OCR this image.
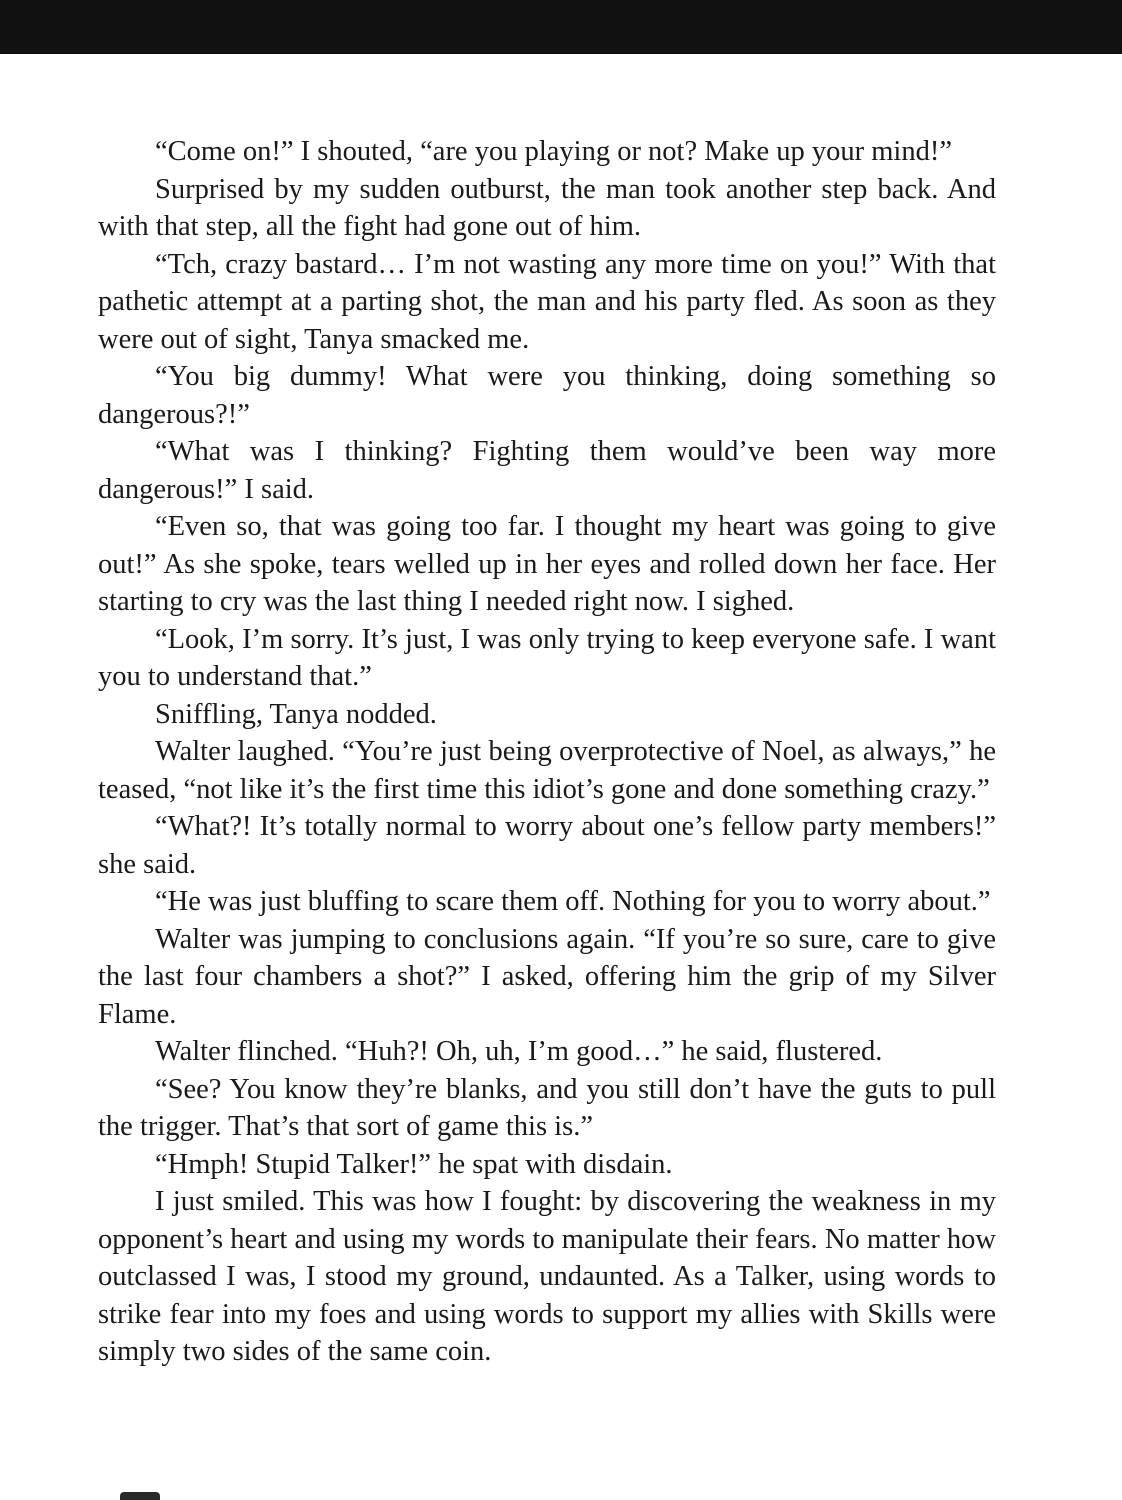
“Come on!” I shouted, “are you playing or not? Make up your mind!”

Surprised by my sudden outburst, the man took another step back. And with that step, all the fight had gone out of him.

“Tch, crazy bastard… I’m not wasting any more time on you!” With that pathetic attempt at a parting shot, the man and his party fled. As soon as they were out of sight, Tanya smacked me.

“You big dummy! What were you thinking, doing something so dangerous?!”

“What was I thinking? Fighting them would’ve been way more dangerous!” I said.

“Even so, that was going too far. I thought my heart was going to give out!” As she spoke, tears welled up in her eyes and rolled down her face. Her starting to cry was the last thing I needed right now. I sighed.

“Look, I’m sorry. It’s just, I was only trying to keep everyone safe. I want you to understand that.”

Sniffling, Tanya nodded.

Walter laughed. “You’re just being overprotective of Noel, as always,” he teased, “not like it’s the first time this idiot’s gone and done something crazy.”

“What?! It’s totally normal to worry about one’s fellow party members!” she said.

“He was just bluffing to scare them off. Nothing for you to worry about.”

Walter was jumping to conclusions again. “If you’re so sure, care to give the last four chambers a shot?” I asked, offering him the grip of my Silver Flame.

Walter flinched. “Huh?! Oh, uh, I’m good…” he said, flustered.

“See? You know they’re blanks, and you still don’t have the guts to pull the trigger. That’s that sort of game this is.”

“Hmph! Stupid Talker!” he spat with disdain.

I just smiled. This was how I fought: by discovering the weakness in my opponent’s heart and using my words to manipulate their fears. No matter how outclassed I was, I stood my ground, undaunted. As a Talker, using words to strike fear into my foes and using words to support my allies with Skills were simply two sides of the same coin.
